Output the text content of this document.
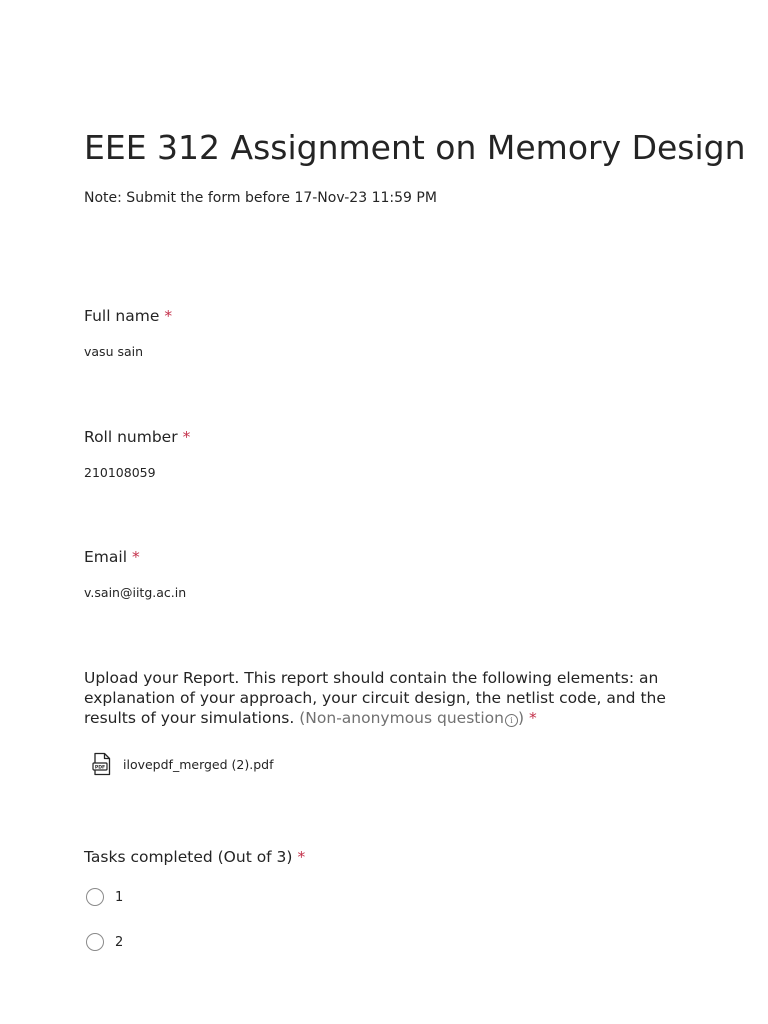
EEE 312 Assignment on Memory Design
Note: Submit the form before 17-Nov-23 11:59 PM
Full name *
vasu sain
Roll number *
210108059
Email *
v.sain@iitg.ac.in
Upload your Report. This report should contain the following elements: an explanation of your approach, your circuit design, the netlist code, and the results of your simulations. (Non-anonymous question i ) *
PDF ilovepdf_merged (2).pdf
Tasks completed (Out of 3) *
1
2
